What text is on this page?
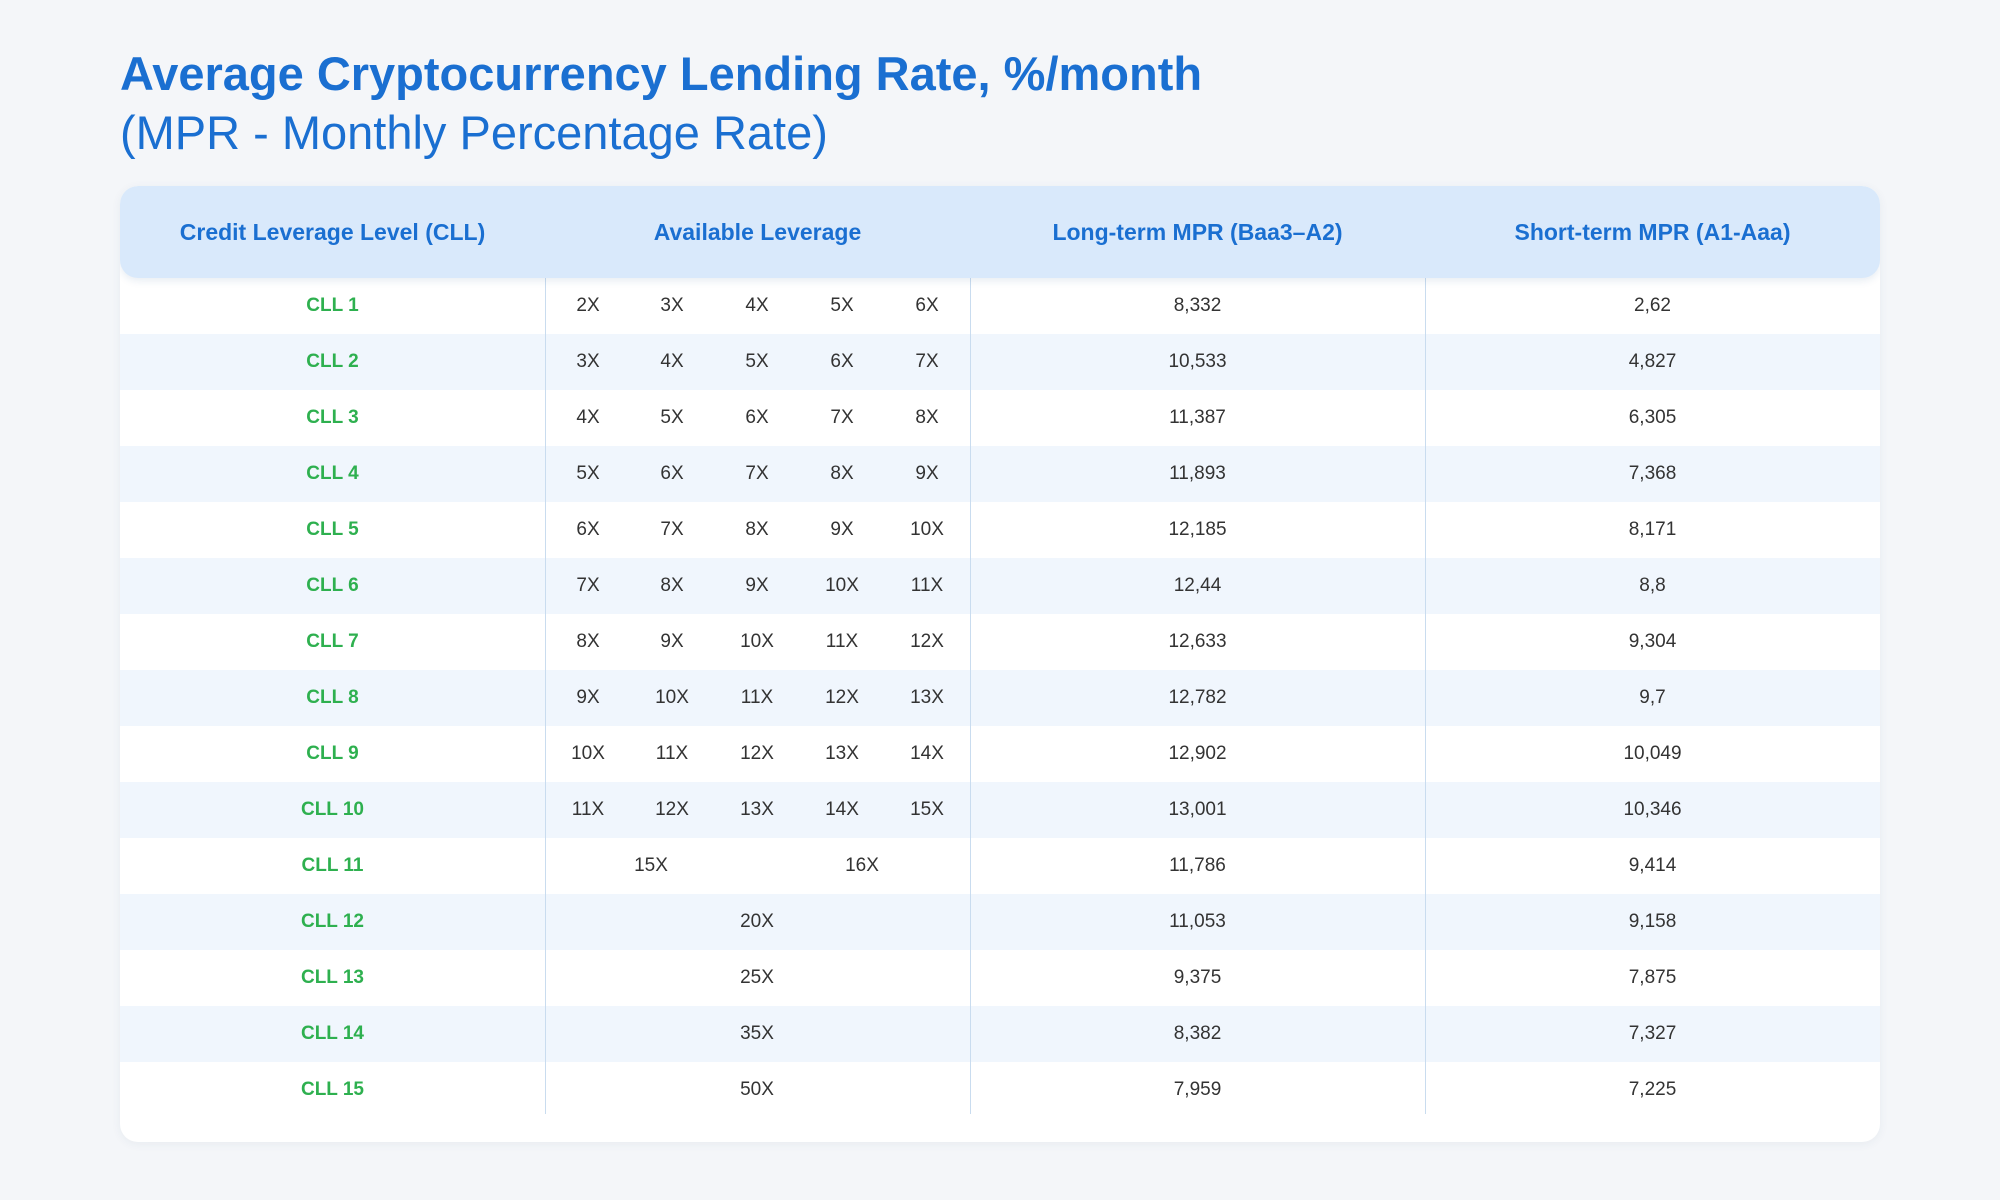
Average Cryptocurrency Lending Rate, %/month
(MPR - Monthly Percentage Rate)
Credit Leverage Level (CLL)	Available Leverage	Long-term MPR (Baa3–A2)	Short-term MPR (A1-Aaa)
CLL 1	2X	3X	4X	5X	6X	8,332	2,62
CLL 2	3X	4X	5X	6X	7X	10,533	4,827
CLL 3	4X	5X	6X	7X	8X	11,387	6,305
CLL 4	5X	6X	7X	8X	9X	11,893	7,368
CLL 5	6X	7X	8X	9X	10X	12,185	8,171
CLL 6	7X	8X	9X	10X	11X	12,44	8,8
CLL 7	8X	9X	10X	11X	12X	12,633	9,304
CLL 8	9X	10X	11X	12X	13X	12,782	9,7
CLL 9	10X	11X	12X	13X	14X	12,902	10,049
CLL 10	11X	12X	13X	14X	15X	13,001	10,346
CLL 11	15X	16X	11,786	9,414
CLL 12	20X	11,053	9,158
CLL 13	25X	9,375	7,875
CLL 14	35X	8,382	7,327
CLL 15	50X	7,959	7,225
